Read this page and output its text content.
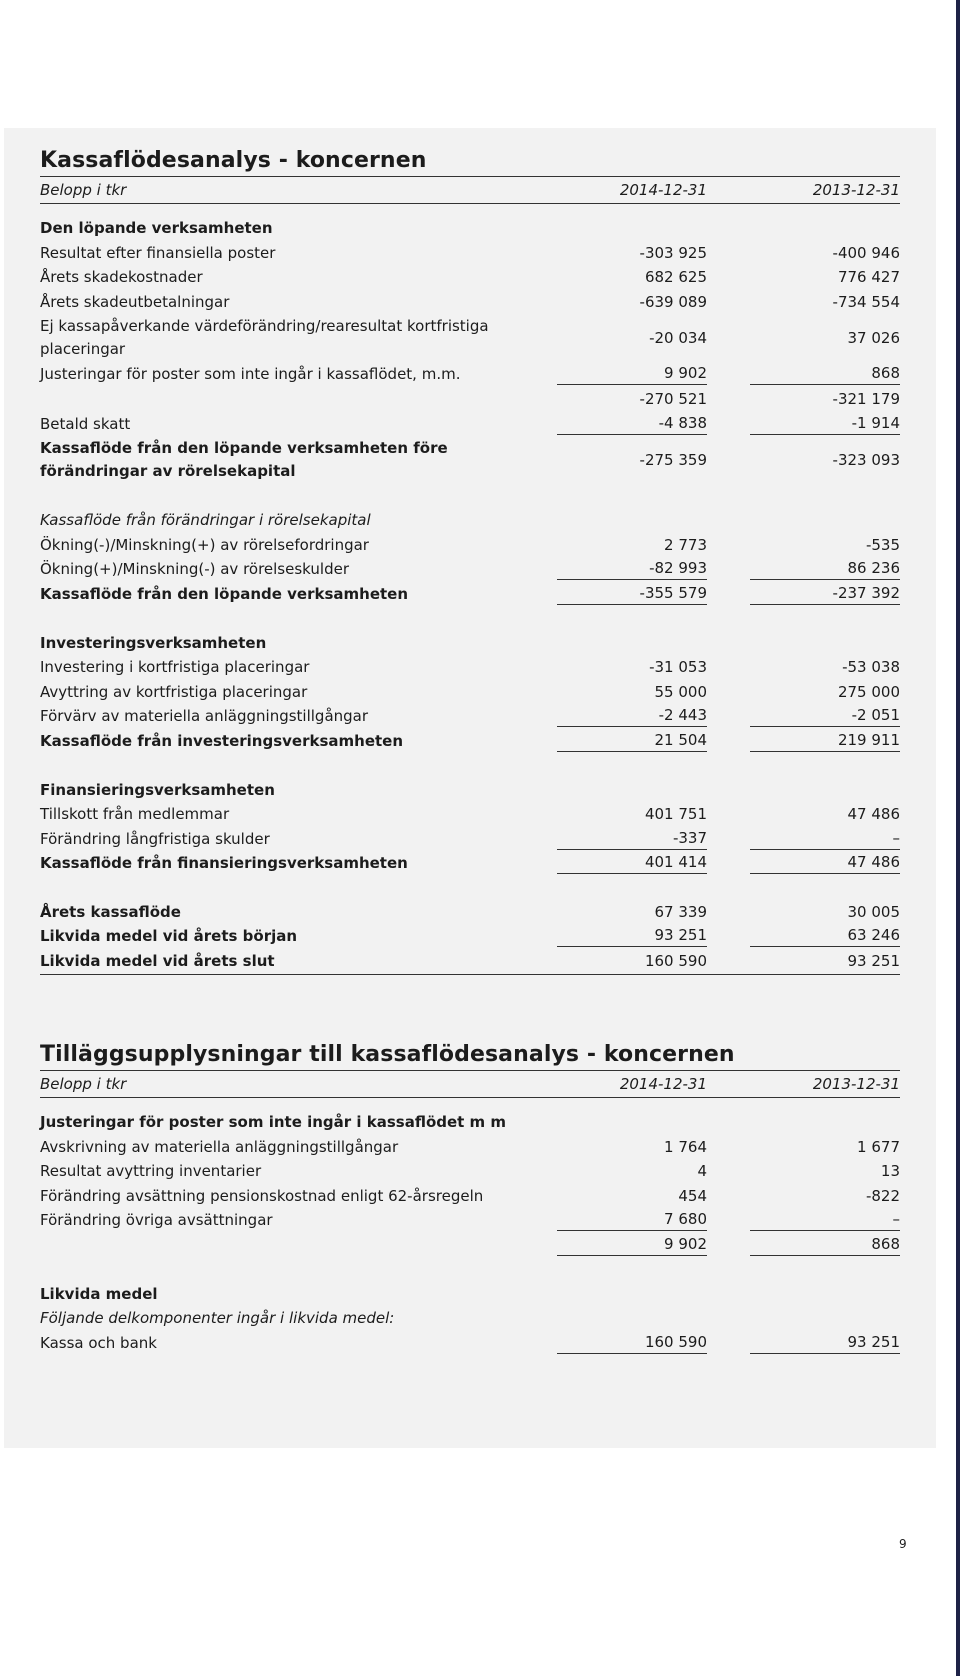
Kassaflödesanalys - koncernen
Belopp i tkr	2014-12-31	2013-12-31
Den löpande verksamheten
Resultat efter finansiella poster	-303 925	-400 946
Årets skadekostnader	682 625	776 427
Årets skadeutbetalningar	-639 089	-734 554
Ej kassapåverkande värdeförändring/rearesultat kortfristiga placeringar
-20 034	37 026
Justeringar för poster som inte ingår i kassaflödet, m.m.	9 902	868
-270 521	-321 179
Betald skatt	-4 838	-1 914
Kassaflöde från den löpande verksamheten före förändringar av rörelsekapital
-275 359	-323 093
Kassaflöde från förändringar i rörelsekapital
Ökning(-)/Minskning(+) av rörelsefordringar	2 773	-535
Ökning(+)/Minskning(-) av rörelseskulder	-82 993	86 236
Kassaflöde från den löpande verksamheten	-355 579	-237 392
Investeringsverksamheten
Investering i kortfristiga placeringar	-31 053	-53 038
Avyttring av kortfristiga placeringar	55 000	275 000
Förvärv av materiella anläggningstillgångar	-2 443	-2 051
Kassaflöde från investeringsverksamheten	21 504	219 911
Finansieringsverksamheten
Tillskott från medlemmar	401 751	47 486
Förändring långfristiga skulder	-337	–
Kassaflöde från finansieringsverksamheten	401 414	47 486
Årets kassaflöde	67 339	30 005
Likvida medel vid årets början	93 251	63 246
Likvida medel vid årets slut	160 590	93 251
Tilläggsupplysningar till kassaflödesanalys - koncernen
Belopp i tkr	2014-12-31	2013-12-31
Justeringar för poster som inte ingår i kassaflödet m m
Avskrivning av materiella anläggningstillgångar	1 764	1 677
Resultat avyttring inventarier	4	13
Förändring avsättning pensionskostnad enligt 62-årsregeln	454	-822
Förändring övriga avsättningar	7 680	–
9 902	868
Likvida medel
Följande delkomponenter ingår i likvida medel:
Kassa och bank	160 590	93 251
9
